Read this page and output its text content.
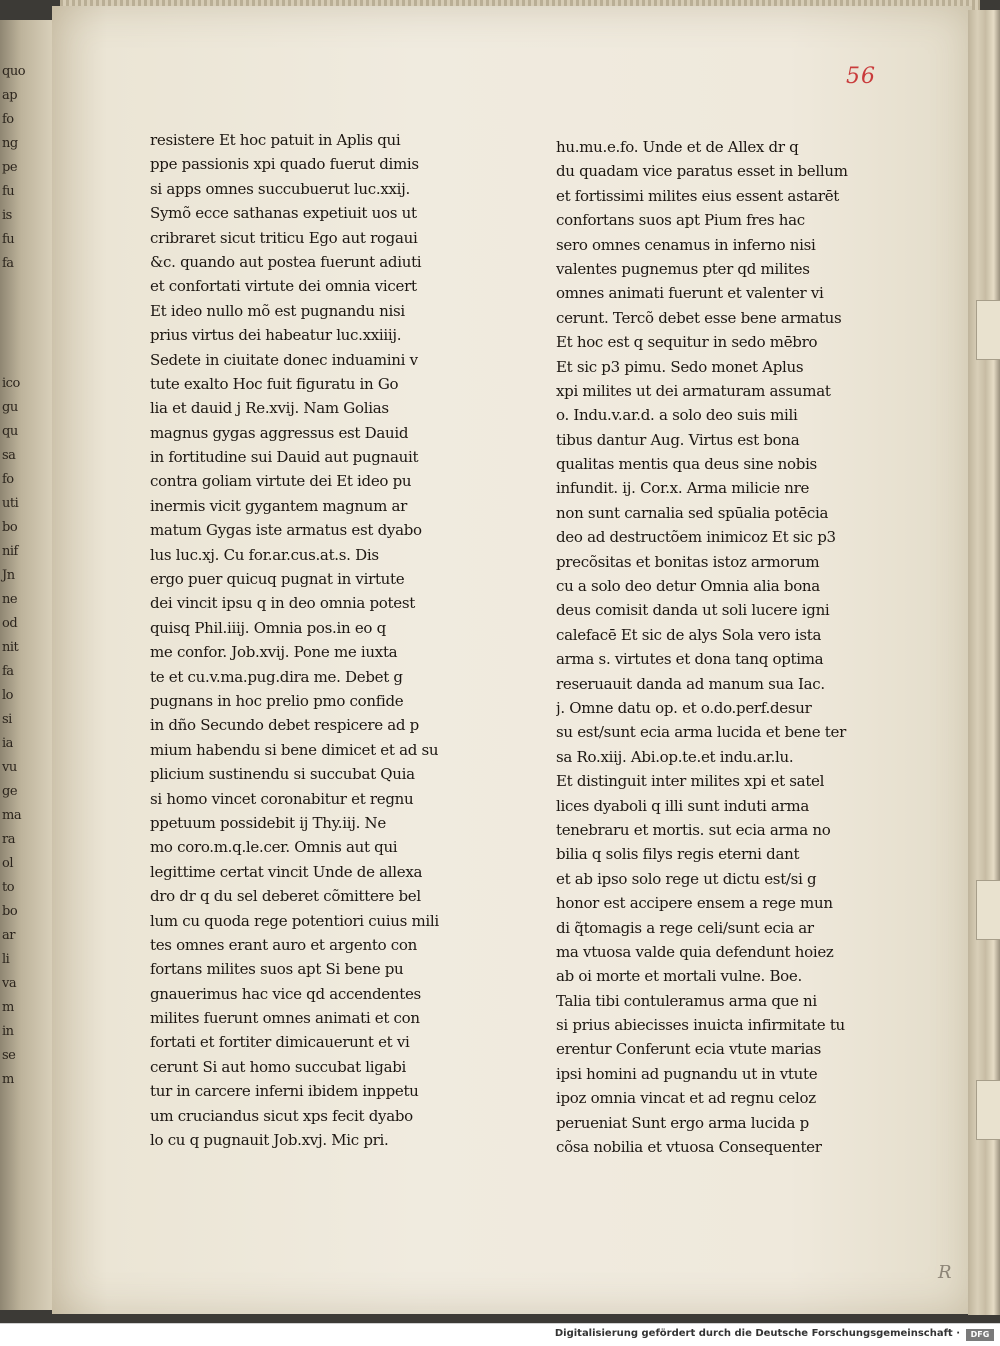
quo
ap
fo
ng
pe
fu
is
fu
fa

ico
gu
qu
sa
fo
uti
bo
nif
Jn
ne
od
nit
fa
lo
si
ia
vu
ge
ma
ra
ol
to
bo
ar
li
va
m
in
se
m
56
resistere Et hoc patuit in Aplis qui
ppe passionis xpi quado fuerut dimis
si apps omnes succubuerut luc.xxij.
Symõ ecce sathanas expetiuit uos ut
cribraret sicut triticu Ego aut rogaui
&c. quando aut postea fuerunt adiuti
et confortati virtute dei omnia vicert
Et ideo nullo mõ est pugnandu nisi
prius virtus dei habeatur luc.xxiiij.
Sedete in ciuitate donec induamini v
tute exalto Hoc fuit figuratu in Go
lia et dauid j Re.xvij. Nam Golias
magnus gygas aggressus est Dauid
in fortitudine sui Dauid aut pugnauit
contra goliam virtute dei Et ideo pu
inermis vicit gygantem magnum ar
matum Gygas iste armatus est dyabo
lus luc.xj. Cu for.ar.cus.at.s. Dis
ergo puer quicuq pugnat in virtute
dei vincit ipsu q in deo omnia potest
quisq Phil.iiij. Omnia pos.in eo q
me confor. Job.xvij. Pone me iuxta
te et cu.v.ma.pug.dira me. Debet g
pugnans in hoc prelio pmo confide
in dño Secundo debet respicere ad p
mium habendu si bene dimicet et ad su
plicium sustinendu si succubat Quia
si homo vincet coronabitur et regnu
ppetuum possidebit ij Thy.iij. Ne
mo coro.m.q.le.cer. Omnis aut qui
legittime certat vincit Unde de allexa
dro dr q du sel deberet cõmittere bel
lum cu quoda rege potentiori cuius mili
tes omnes erant auro et argento con
fortans milites suos apt Si bene pu
gnauerimus hac vice qd accendentes
milites fuerunt omnes animati et con
fortati et fortiter dimicauerunt et vi
cerunt Si aut homo succubat ligabi
tur in carcere inferni ibidem inppetu
um cruciandus sicut xps fecit dyabo
lo cu q pugnauit Job.xvj. Mic pri.
hu.mu.e.fo. Unde et de Allex dr q
du quadam vice paratus esset in bellum
et fortissimi milites eius essent astarēt
confortans suos apt Pium fres hac
sero omnes cenamus in inferno nisi
valentes pugnemus pter qd milites
omnes animati fuerunt et valenter vi
cerunt. Tercõ debet esse bene armatus
Et hoc est q sequitur in sedo mēbro
Et sic p3 pimu. Sedo monet Aplus
xpi milites ut dei armaturam assumat
o. Indu.v.ar.d. a solo deo suis mili
tibus dantur Aug. Virtus est bona
qualitas mentis qua deus sine nobis
infundit. ij. Cor.x. Arma milicie nre
non sunt carnalia sed spūalia potēcia
deo ad destructõem inimicoz Et sic p3
precõsitas et bonitas istoz armorum
cu a solo deo detur Omnia alia bona
deus comisit danda ut soli lucere igni
calefacē Et sic de alys Sola vero ista
arma s. virtutes et dona tanq optima
reseruauit danda ad manum sua Iac.
j. Omne datu op. et o.do.perf.desur
su est/sunt ecia arma lucida et bene ter
sa Ro.xiij. Abi.op.te.et indu.ar.lu.
Et distinguit inter milites xpi et satel
lices dyaboli q illi sunt induti arma
tenebraru et mortis. sut ecia arma no
bilia q solis filys regis eterni dant
et ab ipso solo rege ut dictu est/si g
honor est accipere ensem a rege mun
di q̃tomagis a rege celi/sunt ecia ar
ma vtuosa valde quia defendunt hoiez
ab oi morte et mortali vulne. Boe.
Talia tibi contuleramus arma que ni
si prius abiecisses inuicta infirmitate tu
erentur Conferunt ecia vtute marias
ipsi homini ad pugnandu ut in vtute
ipoz omnia vincat et ad regnu celoz
perueniat Sunt ergo arma lucida p
cõsa nobilia et vtuosa Consequenter
R
Digitalisierung gefördert durch die Deutsche Forschungsgemeinschaft ·	DFG
